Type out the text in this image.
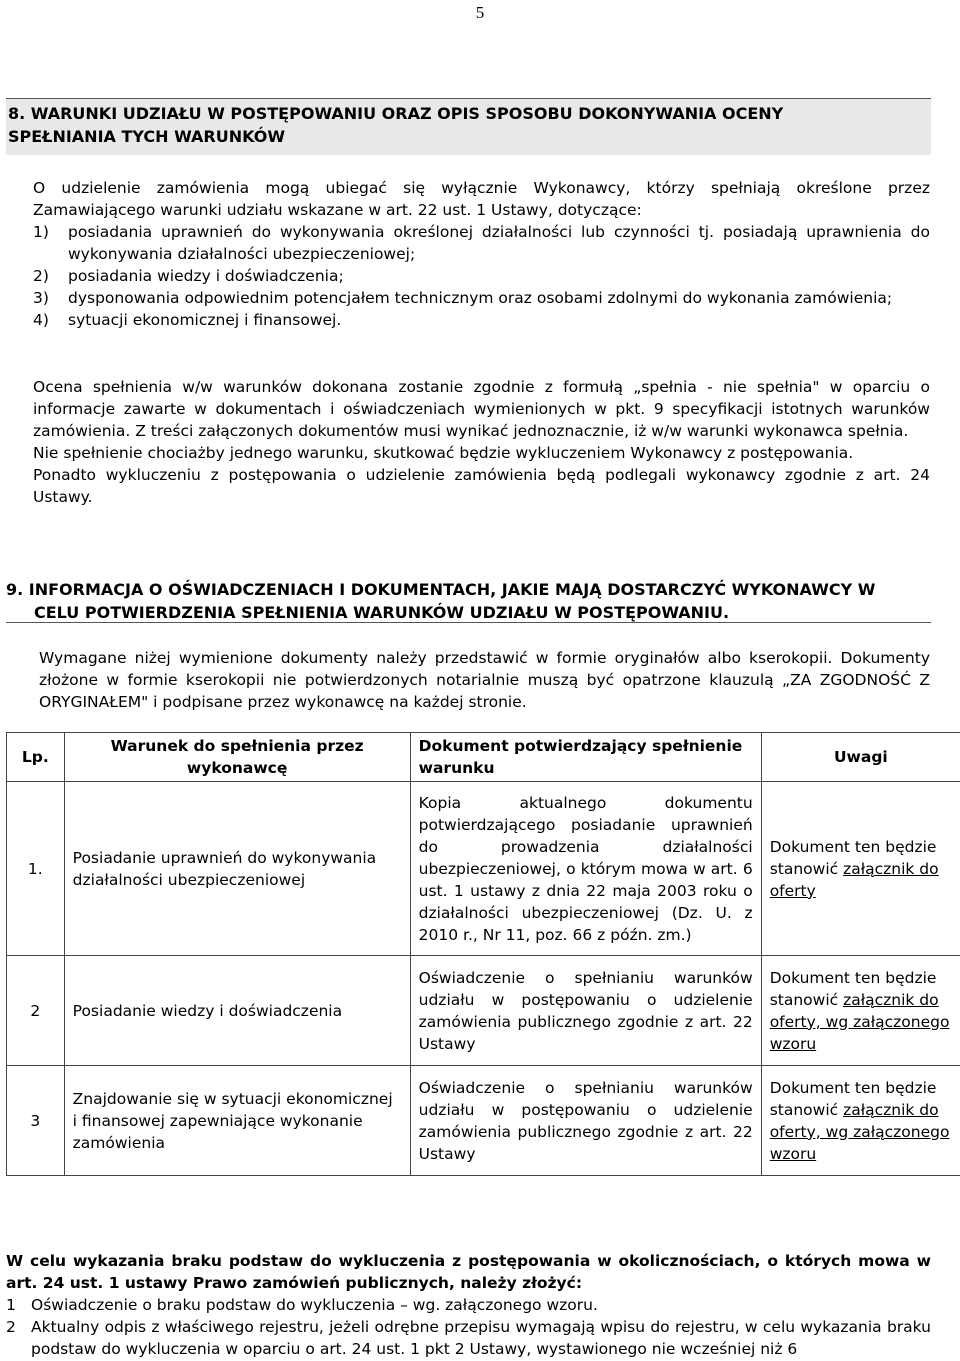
5
8. WARUNKI UDZIAŁU W POSTĘPOWANIU ORAZ OPIS SPOSOBU DOKONYWANIA OCENY
SPEŁNIANIA TYCH WARUNKÓW

O udzielenie zamówienia mogą ubiegać się wyłącznie Wykonawcy, którzy spełniają określone przez Zamawiającego warunki udziału wskazane w art. 22 ust. 1 Ustawy, dotyczące:

1)	posiadania uprawnień do wykonywania określonej działalności lub czynności tj. posiadają uprawnienia do wykonywania działalności ubezpieczeniowej;
2)	posiadania wiedzy i doświadczenia;
3)	dysponowania odpowiednim potencjałem technicznym oraz osobami zdolnymi do wykonania zamówienia;
4)	sytuacji ekonomicznej i finansowej.

Ocena spełnienia w/w warunków dokonana zostanie zgodnie z formułą „spełnia - nie spełnia" w oparciu o informacje zawarte w dokumentach i oświadczeniach wymienionych w pkt. 9 specyfikacji istotnych warunków zamówienia. Z treści załączonych dokumentów musi wynikać jednoznacznie, iż w/w warunki wykonawca spełnia.

Nie spełnienie chociażby jednego warunku, skutkować będzie wykluczeniem Wykonawcy z postępowania.

Ponadto wykluczeniu z postępowania o udzielenie zamówienia będą podlegali wykonawcy zgodnie z art. 24 Ustawy.

9. INFORMACJA O OŚWIADCZENIACH I DOKUMENTACH, JAKIE MAJĄ DOSTARCZYĆ WYKONAWCY W
CELU POTWIERDZENIA SPEŁNIENIA WARUNKÓW UDZIAŁU W POSTĘPOWANIU.

Wymagane niżej wymienione dokumenty należy przedstawić w formie oryginałów albo kserokopii. Dokumenty złożone w formie kserokopii nie potwierdzonych notarialnie muszą być opatrzone klauzulą „ZA ZGODNOŚĆ Z ORYGINAŁEM" i podpisane przez wykonawcę na każdej stronie.

Lp.	Warunek do spełnienia przez wykonawcę	Dokument potwierdzający spełnienie warunku	Uwagi
1.	Posiadanie uprawnień do wykonywania działalności ubezpieczeniowej	Kopia aktualnego dokumentu potwierdzającego posiadanie uprawnień do prowadzenia działalności ubezpieczeniowej, o którym mowa w art. 6 ust. 1 ustawy z dnia 22 maja 2003 roku o działalności ubezpieczeniowej (Dz. U. z 2010 r., Nr 11, poz. 66 z późn. zm.)	Dokument ten będzie stanowić załącznik do oferty
2	Posiadanie wiedzy i doświadczenia	Oświadczenie o spełnianiu warunków udziału w postępowaniu o udzielenie zamówienia publicznego zgodnie z art. 22 Ustawy	Dokument ten będzie stanowić załącznik do oferty, wg załączonego wzoru
3	Znajdowanie się w sytuacji ekonomicznej i finansowej zapewniające wykonanie zamówienia	Oświadczenie o spełnianiu warunków udziału w postępowaniu o udzielenie zamówienia publicznego zgodnie z art. 22 Ustawy	Dokument ten będzie stanowić załącznik do oferty, wg załączonego wzoru

W celu wykazania braku podstaw do wykluczenia z postępowania w okolicznościach, o których mowa w art. 24 ust. 1 ustawy Prawo zamówień publicznych, należy złożyć:

1 Oświadczenie o braku podstaw do wykluczenia – wg. załączonego wzoru.
2 Aktualny odpis z właściwego rejestru, jeżeli odrębne przepisu wymagają wpisu do rejestru, w celu wykazania braku podstaw do wykluczenia w oparciu o art. 24 ust. 1 pkt 2 Ustawy, wystawionego nie wcześniej niż 6
